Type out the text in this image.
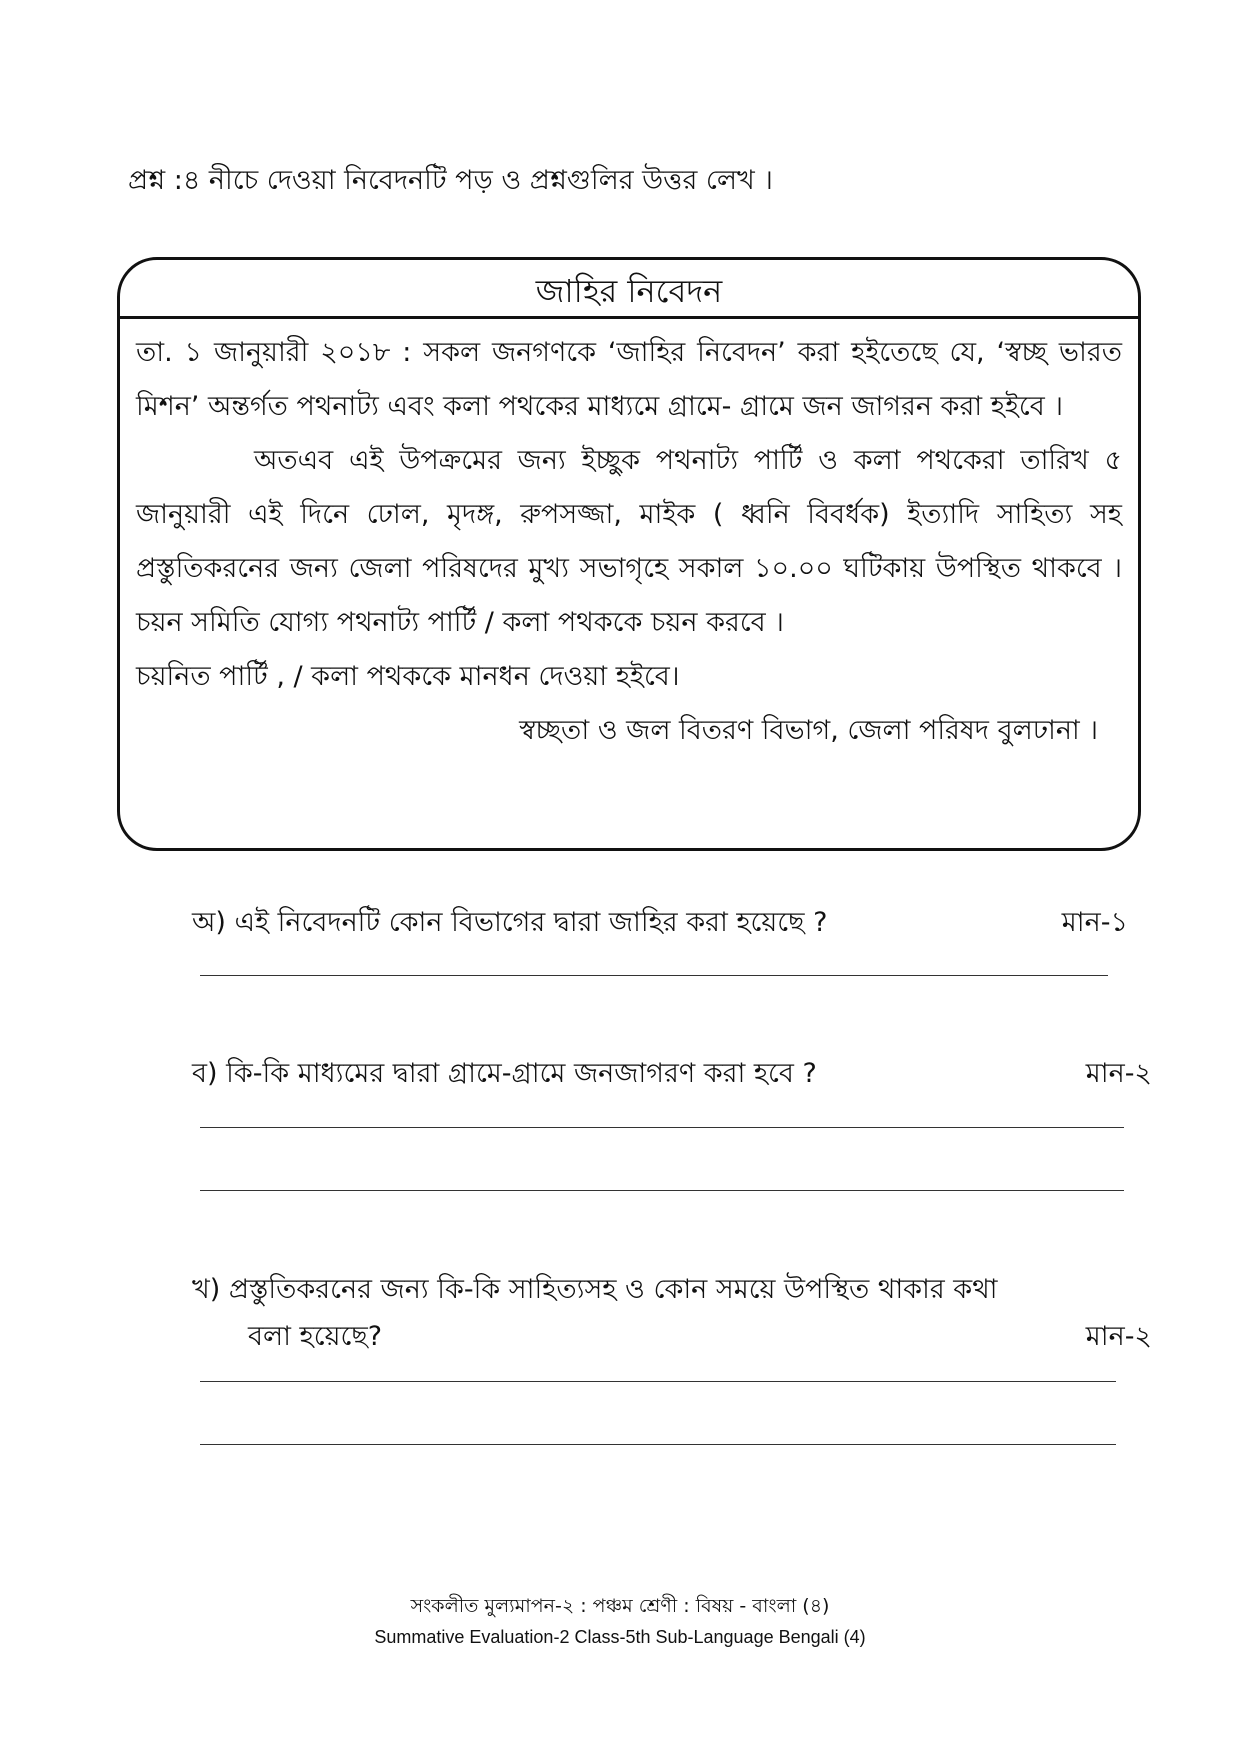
প্রশ্ন :৪ নীচে দেওয়া নিবেদনটি পড় ও প্রশ্নগুলির উত্তর লেখ ।
জাহির নিবেদন

তা. ১ জানুয়ারী ২০১৮ : সকল জনগণকে ‘জাহির নিবেদন’ করা হইতেছে যে, ‘স্বচ্ছ ভারত মিশন’ অন্তর্গত পথনাট্য এবং কলা পথকের মাধ্যমে গ্রামে- গ্রামে জন জাগরন করা হইবে ।

অতএব এই উপক্রমের জন্য ইচ্ছুক পথনাট্য পার্টি ও কলা পথকেরা তারিখ ৫ জানুয়ারী এই দিনে ঢোল, মৃদঙ্গ, রুপসজ্জা, মাইক ( ধ্বনি বিবর্ধক) ইত্যাদি সাহিত্য সহ প্রস্তুতিকরনের জন্য জেলা পরিষদের মুখ্য সভাগৃহে সকাল ১০.০০ ঘটিকায় উপস্থিত থাকবে । চয়ন সমিতি যোগ্য পথনাট্য পার্টি / কলা পথককে চয়ন করবে ।

চয়নিত পার্টি , / কলা পথককে মানধন দেওয়া হইবে।

স্বচ্ছতা ও জল বিতরণ বিভাগ, জেলা পরিষদ বুলঢানা ।

অ) এই নিবেদনটি কোন বিভাগের দ্বারা জাহির করা হয়েছে ?	মান-১
ব) কি-কি মাধ্যমের দ্বারা গ্রামে-গ্রামে জনজাগরণ করা হবে ?	মান-২
খ) প্রস্তুতিকরনের জন্য কি-কি সাহিত্যসহ ও কোন সময়ে উপস্থিত থাকার কথা
বলা হয়েছে?	মান-২
সংকলীত মুল্যমাপন-২ : পঞ্চম শ্রেণী : বিষয় - বাংলা (৪)
Summative Evaluation-2 Class-5th Sub-Language Bengali (4)
